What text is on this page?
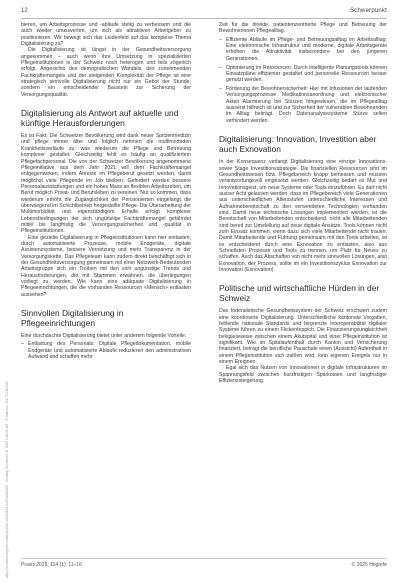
https://econtent.hogrefe.com/doi/pdf/10.1024/1661-8157/a004125 - Tuesday, December 09, 2025 2:20:51 AM - IP Address: 216.73.216.120
12	Schwerpunkt

bieren, um Arbeitsprozesse und -abläufe stetig zu verbessern und die auch wieder umzuwerten, um sich als attraktiven Arbeitgeber zu positionieren. Wir bewegt sich das Leidenfeld auf das komplexe Thema Digitalisierung zu?

Die Digitalisierung ist längst in der Gesundheitsversorgung angekommen – auch wenn ihre Umsetzung in spezialisierten Pflegeinstitutionen in der Schweiz noch heterogen und teils zögerlich erfolgt. Angesichts des demografischen Wandels, des zunehmenden Fachkräftemangels und der steigenden Komplexität der Pflege ist eine strategisch sinnvolle Digitalisierung nicht nur ein Gebot der Stunde, sondern ein entscheidender Baustein zur Sicherung der Versorgungsqualität.

Digitalisierung als Antwort auf aktuelle und künftige Herausforderungen

Es ist Fakt: Die Schweizer Bevölkerung wird dank neuer Spitzenmedizin und pflege immer älter und folglich nehmen die multimorbiden Krankheitsverläufe zu; was wiederum die Pflege und Betreuung komplexer gestaltet. Gleichzeitig fehlt es häufig an qualifiziertem Pflegefachpersonal. Die von der Schweizer Bevölkerung angenommene Pflegeinitiative aus dem Jahr 2021 will dem Fachkräftemangel entgegenwirken, indem Anreize im Pflegeberuf gesetzt werden, damit möglichst viele Pflegende im Job bleiben. Gefordert werden bessere Personalausstattungen und ein hohes Mass an flexiblen Arbeitszeiten, um Beruf möglich Privat- und Berufsleben zu vereinen. Nur so kommen, dass wiederum erhöht die Zugänglichkeit der Pensionierten eingelangt die überwiegend im Schichtbetrieb hergestellte Pflege. Die Überarbeitung der Multimorbidität und eigenständigem Erhalte erfolgt komplexer Lebensbedingungen der sich ungünstige Fachkräftemangel gefährdet mittel bis langfristig die Versorgungssicherheit und -qualität in Pflegeinstitutionen.

Eine gezielte Digitalisierung in Pflegeinstitutionen kann hier entlasten, durch automatisierte Prozesse, mobile Endgeräte, digitale Assistenzsysteme, bessere Vernetzung und mehr Transparenz in der Versorgungskette. Das Pflegeteam kann zudem direkt beschäftigt sich in der Gesundheitsversorgung gemeinsam mit einer Netzwerk-Bedeutenden Arbeitsgruppe sich ein Treiben mit den sich ungünstige Trends und Herausforderungen, die mit Stammen erwähnen, die überlegungen vorliegt zu werden. Wie kann eine adäquate Digitalisierung in Pflegeeinrichtungen, die die vorhanden Ressourcen «Mensch» entlasten aussehen?

Sinnvollen Digitalisierung in Pflegeeinrichtungen

Eine durchdachte Digitalisierung bietet unter anderem folgende Vorteile:

– Entlastung des Personals: Digitale Pflegedokumentation, mobile Endgeräte und automatisierte Ablaufe reduzieren den administrativen Aufwand und schaffen mehr

Zeit für die direkte, patientenzentrierte Pflege und Betreuung der Bewohnerinnen Pflegealltag.

– Effiziente Abläufe im Pflege- und Betreuungsalltag im Arbeitsalltag: Eine elektronische Infrastruktur und moderne, digitale Arbeitsgeräte erhöhen die Attraktivität insbesondere bei den jüngeren Generationen.
– Optimierung im Ressourcen: Durch intelligente Planungstools können Einsatzpläne effizienter gestaltet und personelle Ressourcen besser genutzt werden.
– Förderung der Bewohnersicherheit: Hier mit Infusionen der laufenden Versorgungsprozesse Medikationsanordnung und elektronischer Akten Alarmierung bei Stürzen hingewiesen, die im Pflegealltag äusserst hilfreich ist und zur Sicherheit der vulnerablen Bewohnenden im Alltag beiträgt. Doch Datenanalysesysteme Stürze selten verhindert werden.
Digitalisierung: Innovation, Investition aber auch Exnovation

In der Konsequenz verlangt Digitalisierung eine einzige Innovations- sowie Stage Investitionsstrategie. Die finanziellen Ressourcen sind im Gesundheitswesen bzw. Pflegebereich knapp bemessen und müssen verantwortungsvoll eingesetzt werden. Gleichzeitig bedarf es Mut und Innovationsgeist, um neue Systeme oder Tools einzuführen. Es darf nicht ausser Acht gelassen werden, dass im Pflegebereich viele Generationen aus unterschiedlichen Altersstufen unterschiedliche Interessen und Aufnahmebereitschaft zu den verwendeten Technologien vorhanden sind. Damit neue technische Lösungen implementiert werden, ist die Bereitschaft von Mitarbeitenden entscheidend, nicht alle Mitarbeitenden sind bereit zur Umstellung auf neue digitale Ansätze. Tools können nicht zum Einsatz kommen, wenn dazu sich viele Mitarbeitende nicht trauen. Damit Mitarbeitende und Führung gemeinsam mit den Tools arbeiten, ist es entscheidend durch eine Exnovation zu entlasten, also aus Schnellsten Prozesse und Tools zu trennen, um Platz für Neues zu schaffen. Auch das Abschaffen von nicht mehr sinnvollen Lösungen, also Exnovation, der Prozess, sollte im ein Investitionszyklus Exnovation zur Innovation (Exnovation).

Politische und wirtschaftliche Hürden in der Schweiz

Das föderalistische Gesundheitssystem der Schweiz erschwert zudem eine koordinierte Digitalisierung. Unterschiedliche kantonale Vorgaben, fehlende nationale Standards und begrenzte Interoperabilität digitaler Systeme führen zu einem Flickenteppich. Die Finanzierungsungleichheit beispielsweise zwischen einem Akutspital und einer Pflegeinstitution ist signifikant. Wie im Spitalaufenthalt durch Kanton und Versicherung finanziert, beträgt die berufliche Pauschale einen (Aussicht) Aufenthalt in einem Pflegeinstitution sich zahlen wird, kein eigenen Ereignis nur in einem Ereignen.

Egal sich das Nutzen von Innovationen in digitale Infrastrukturen im Spannungsfeld zwischen kurzfristigen Sparkosten und langfristiger Effizienzsteigerung.

Praxis 2025; 114 (1): 11–16	© 2025 Hogrefe
